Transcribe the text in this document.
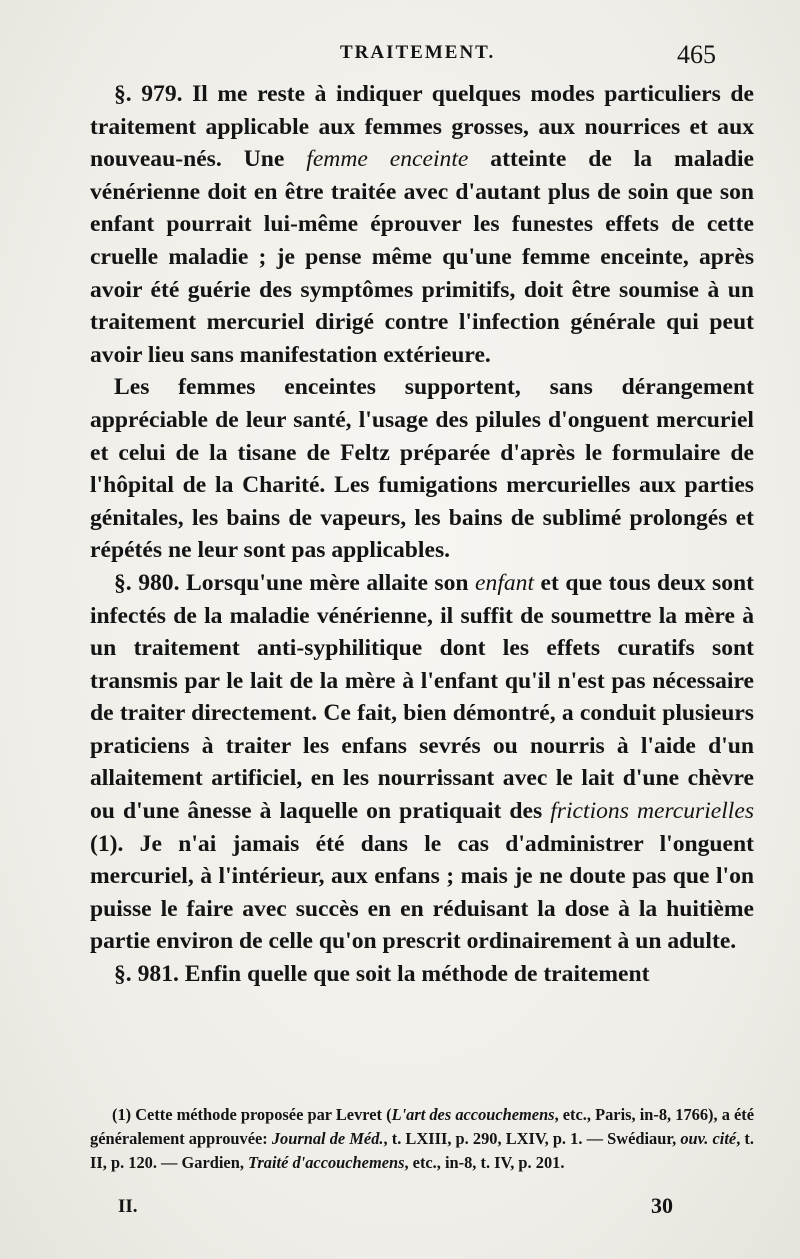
TRAITEMENT.	465

§. 979. Il me reste à indiquer quelques modes particuliers de traitement applicable aux femmes grosses, aux nourrices et aux nouveau-nés. Une femme enceinte atteinte de la maladie vénérienne doit en être traitée avec d'autant plus de soin que son enfant pourrait lui-même éprouver les funestes effets de cette cruelle maladie ; je pense même qu'une femme enceinte, après avoir été guérie des symptômes primitifs, doit être soumise à un traitement mercuriel dirigé contre l'infection générale qui peut avoir lieu sans manifestation extérieure.

Les femmes enceintes supportent, sans dérangement appréciable de leur santé, l'usage des pilules d'onguent mercuriel et celui de la tisane de Feltz préparée d'après le formulaire de l'hôpital de la Charité. Les fumigations mercurielles aux parties génitales, les bains de vapeurs, les bains de sublimé prolongés et répétés ne leur sont pas applicables.

§. 980. Lorsqu'une mère allaite son enfant et que tous deux sont infectés de la maladie vénérienne, il suffit de soumettre la mère à un traitement anti-syphilitique dont les effets curatifs sont transmis par le lait de la mère à l'enfant qu'il n'est pas nécessaire de traiter directement. Ce fait, bien démontré, a conduit plusieurs praticiens à traiter les enfans sevrés ou nourris à l'aide d'un allaitement artificiel, en les nourrissant avec le lait d'une chèvre ou d'une ânesse à laquelle on pratiquait des frictions mercurielles (1). Je n'ai jamais été dans le cas d'administrer l'onguent mercuriel, à l'intérieur, aux enfans ; mais je ne doute pas que l'on puisse le faire avec succès en en réduisant la dose à la huitième partie environ de celle qu'on prescrit ordinairement à un adulte.

§. 981. Enfin quelle que soit la méthode de traitement

(1) Cette méthode proposée par Levret (L'art des accouchemens, etc., Paris, in-8, 1766), a été généralement approuvée: Journal de Méd., t. LXIII, p. 290, LXIV, p. 1. — Swédiaur, ouv. cité, t. II, p. 120. — Gardien, Traité d'accouchemens, etc., in-8, t. IV, p. 201.

II.	30
